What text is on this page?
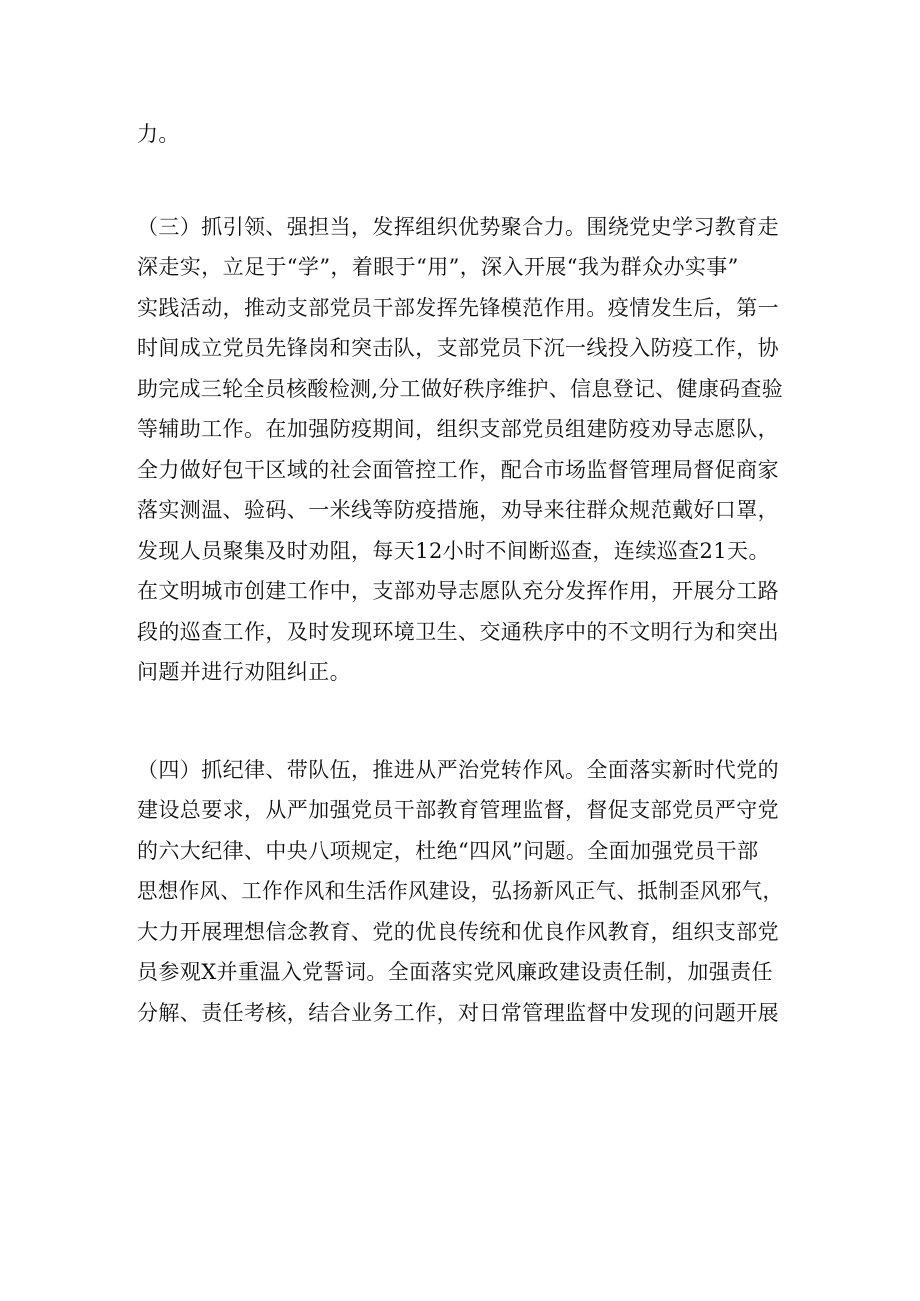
力。
（三）抓引领、强担当，发挥组织优势聚合力。围绕党史学习教育走
深走实，立足于“学”，着眼于“用”，深入开展“我为群众办实事”
实践活动，推动支部党员干部发挥先锋模范作用。疫情发生后，第一
时间成立党员先锋岗和突击队，支部党员下沉一线投入防疫工作，协
助完成三轮全员核酸检测,分工做好秩序维护、信息登记、健康码查验
等辅助工作。在加强防疫期间，组织支部党员组建防疫劝导志愿队，
全力做好包干区域的社会面管控工作，配合市场监督管理局督促商家
落实测温、验码、一米线等防疫措施，劝导来往群众规范戴好口罩，
发现人员聚集及时劝阻，每天12小时不间断巡查，连续巡查21天。
在文明城市创建工作中，支部劝导志愿队充分发挥作用，开展分工路
段的巡查工作，及时发现环境卫生、交通秩序中的不文明行为和突出
问题并进行劝阻纠正。
（四）抓纪律、带队伍，推进从严治党转作风。全面落实新时代党的
建设总要求，从严加强党员干部教育管理监督，督促支部党员严守党
的六大纪律、中央八项规定，杜绝“四风”问题。全面加强党员干部
思想作风、工作作风和生活作风建设，弘扬新风正气、抵制歪风邪气，
大力开展理想信念教育、党的优良传统和优良作风教育，组织支部党
员参观X并重温入党誓词。全面落实党风廉政建设责任制，加强责任
分解、责任考核，结合业务工作，对日常管理监督中发现的问题开展
